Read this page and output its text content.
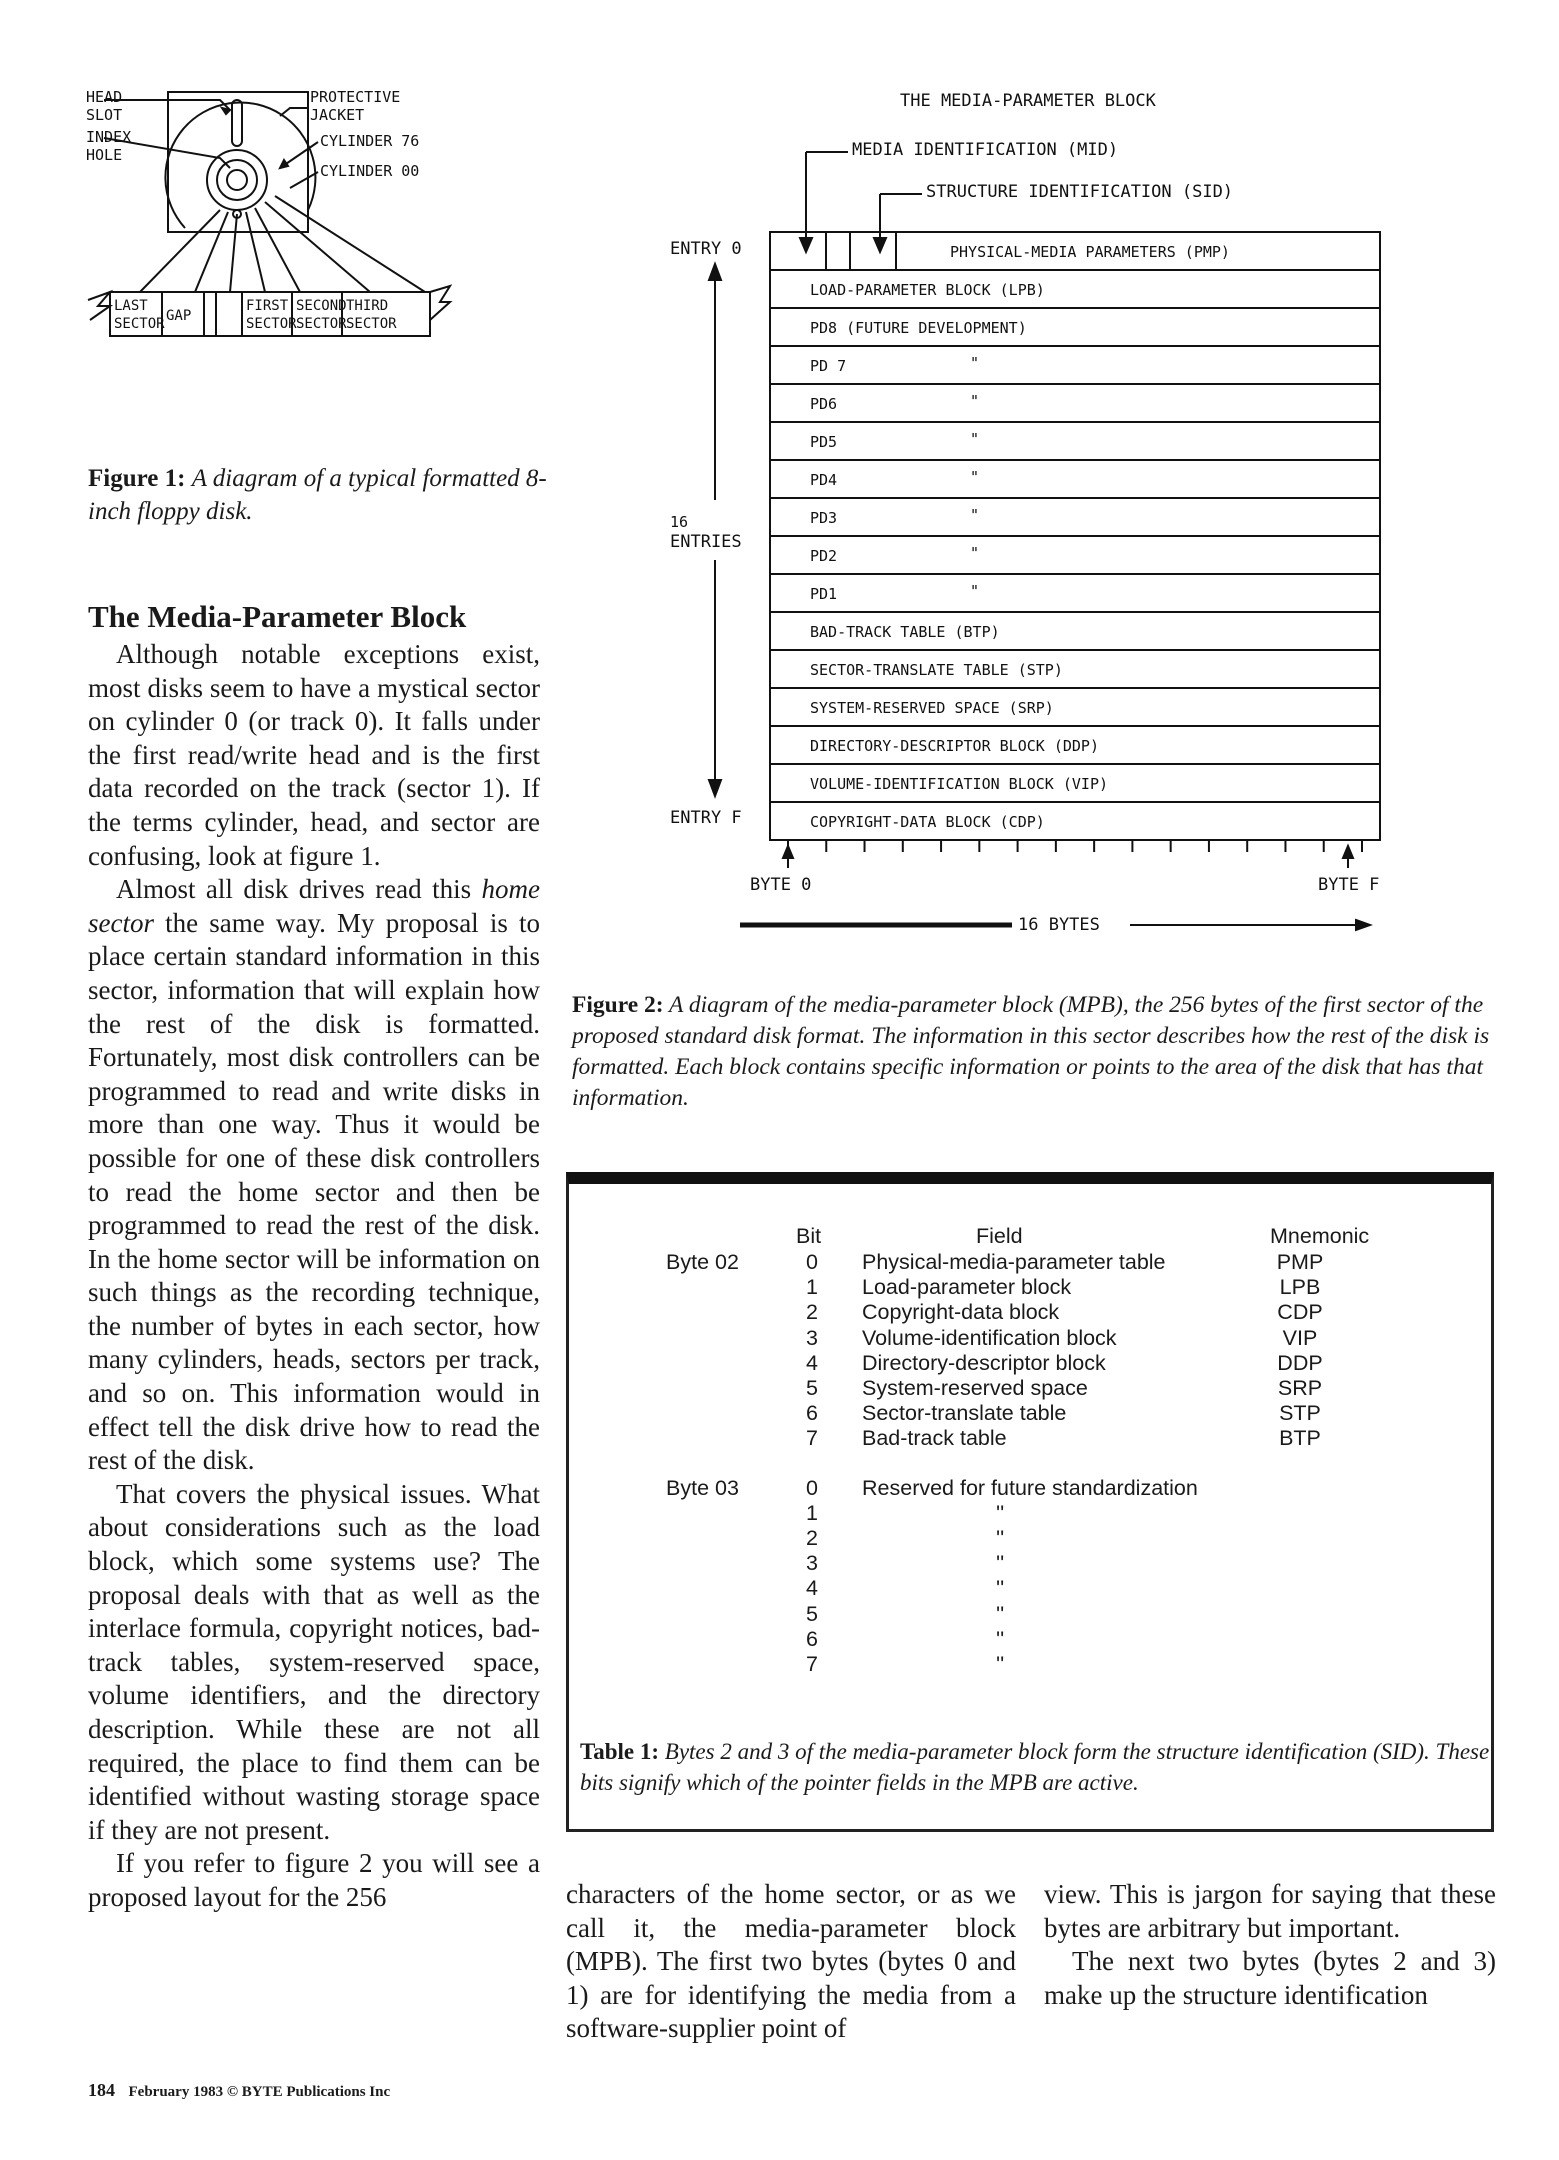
HEAD
SLOT
INDEX
HOLE
PROTECTIVE
JACKET
CYLINDER 76
CYLINDER 00
LAST
SECTOR GAP
FIRST
SECTOR
SECOND
SECTOR
THIRD
SECTOR
Figure 1: A diagram of a typical formatted 8-inch floppy disk.
The Media-Parameter Block

Although notable exceptions exist, most disks seem to have a mystical sector on cylinder 0 (or track 0). It falls under the first read/write head and is the first data recorded on the track (sector 1). If the terms cylinder, head, and sector are confusing, look at figure 1.

Almost all disk drives read this home sector the same way. My proposal is to place certain standard information in this sector, information that will explain how the rest of the disk is formatted. Fortunately, most disk controllers can be programmed to read and write disks in more than one way. Thus it would be possible for one of these disk controllers to read the home sector and then be programmed to read the rest of the disk. In the home sector will be information on such things as the recording technique, the number of bytes in each sector, how many cylinders, heads, sectors per track, and so on. This information would in effect tell the disk drive how to read the rest of the disk.

That covers the physical issues. What about considerations such as the load block, which some systems use? The proposal deals with that as well as the interlace formula, copyright notices, bad-track tables, system-reserved space, volume identifiers, and the directory description. While these are not all required, the place to find them can be identified without wasting storage space if they are not present.

If you refer to figure 2 you will see a proposed layout for the 256

THE MEDIA-PARAMETER BLOCK
MEDIA IDENTIFICATION (MID)
STRUCTURE IDENTIFICATION (SID)
ENTRY 0
ENTRY F
16
ENTRIES
BYTE 0	BYTE F
16 BYTES
PHYSICAL-MEDIA PARAMETERS (PMP)
LOAD-PARAMETER BLOCK (LPB)
PD8 (FUTURE DEVELOPMENT)
PD 7	"
PD6	"
PD5	"
PD4	"
PD3	"
PD2	"
PD1	"
BAD-TRACK TABLE (BTP)
SECTOR-TRANSLATE TABLE (STP)
SYSTEM-RESERVED SPACE (SRP)
DIRECTORY-DESCRIPTOR BLOCK (DDP)
VOLUME-IDENTIFICATION BLOCK (VIP)
COPYRIGHT-DATA BLOCK (CDP)
Figure 2: A diagram of the media-parameter block (MPB), the 256 bytes of the first sector of the proposed standard disk format. The information in this sector describes how the rest of the disk is formatted. Each block contains specific information or points to the area of the disk that has that information.
Bit	Field	Mnemonic
Byte 02	0 Physical-media-parameter table	PMP
1 Load-parameter block	LPB
2 Copyright-data block	CDP
3 Volume-identification block	VIP
4 Directory-descriptor block	DDP
5 System-reserved space	SRP
6 Sector-translate table	STP
7 Bad-track table	BTP
Byte 03	0 Reserved for future standardization
1	''
2	''
3	''
4	''
5	''
6	''
7	''
Table 1: Bytes 2 and 3 of the media-parameter block form the structure identification (SID). These bits signify which of the pointer fields in the MPB are active.
characters of the home sector, or as we call it, the media-parameter block (MPB). The first two bytes (bytes 0 and 1) are for identifying the media from a software-supplier point of

view. This is jargon for saying that these bytes are arbitrary but important.

The next two bytes (bytes 2 and 3) make up the structure identification

184 February 1983 © BYTE Publications Inc
